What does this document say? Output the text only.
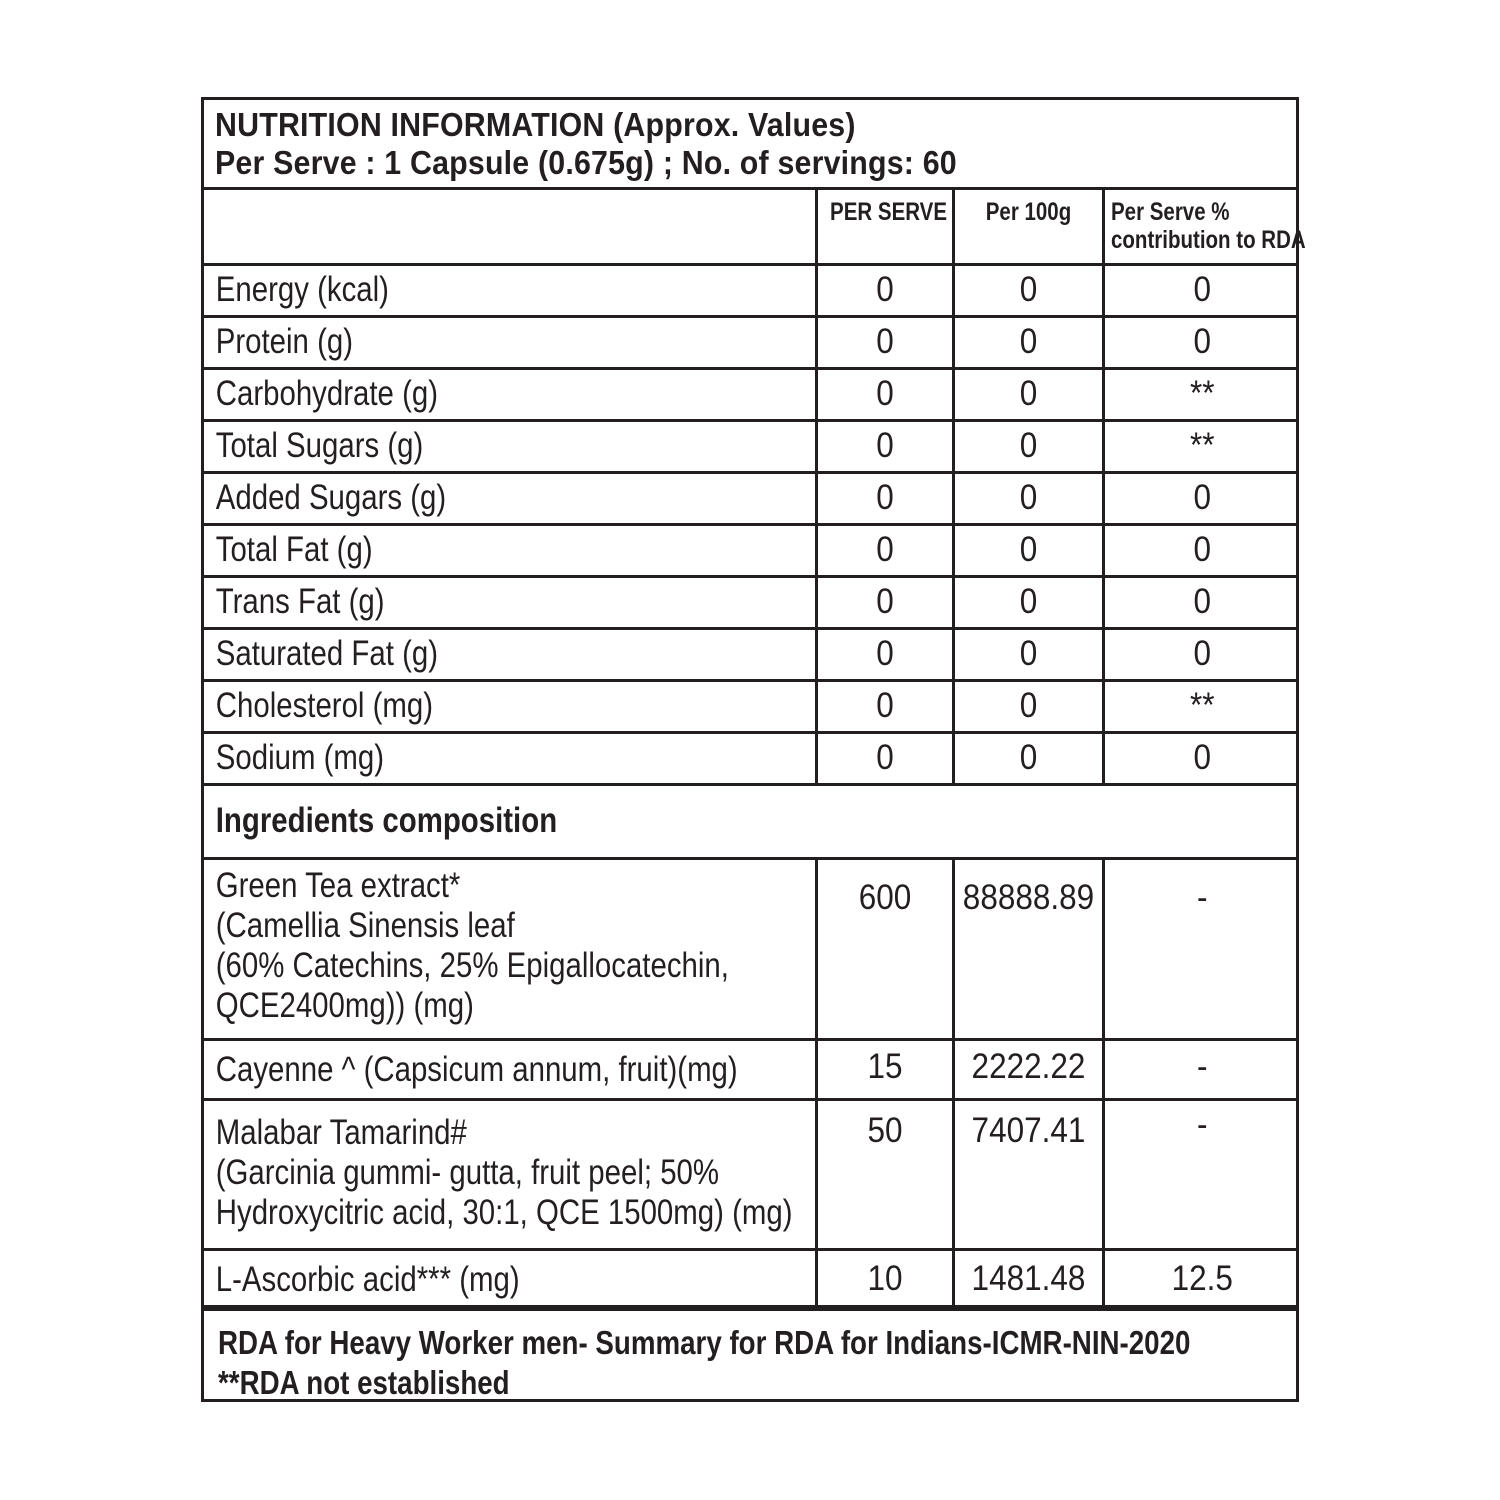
NUTRITION INFORMATION (Approx. Values)
Per Serve : 1 Capsule (0.675g) ; No. of servings: 60

	PER SERVE	Per 100g	Per Serve %
contribution to RDA

Energy (kcal)	0	0	0

Protein (g)	0	0	0

Carbohydrate (g)	0	0	**

Total Sugars (g)	0	0	**

Added Sugars (g)	0	0	0

Total Fat (g)	0	0	0

Trans Fat (g)	0	0	0

Saturated Fat (g)	0	0	0

Cholesterol (mg)	0	0	**

Sodium (mg)	0	0	0

Ingredients composition			

Green Tea extract*
(Camellia Sinensis leaf
(60% Catechins, 25% Epigallocatechin,
QCE2400mg)) (mg)	600	88888.89	-

Cayenne ^ (Capsicum annum, fruit)(mg)	15	2222.22	-

Malabar Tamarind#
(Garcinia gummi- gutta, fruit peel; 50%
Hydroxycitric acid, 30:1, QCE 1500mg) (mg)	50	7407.41	-

L-Ascorbic acid*** (mg)	10	1481.48	12.5
RDA for Heavy Worker men- Summary for RDA for Indians-ICMR-NIN-2020
**RDA not established
